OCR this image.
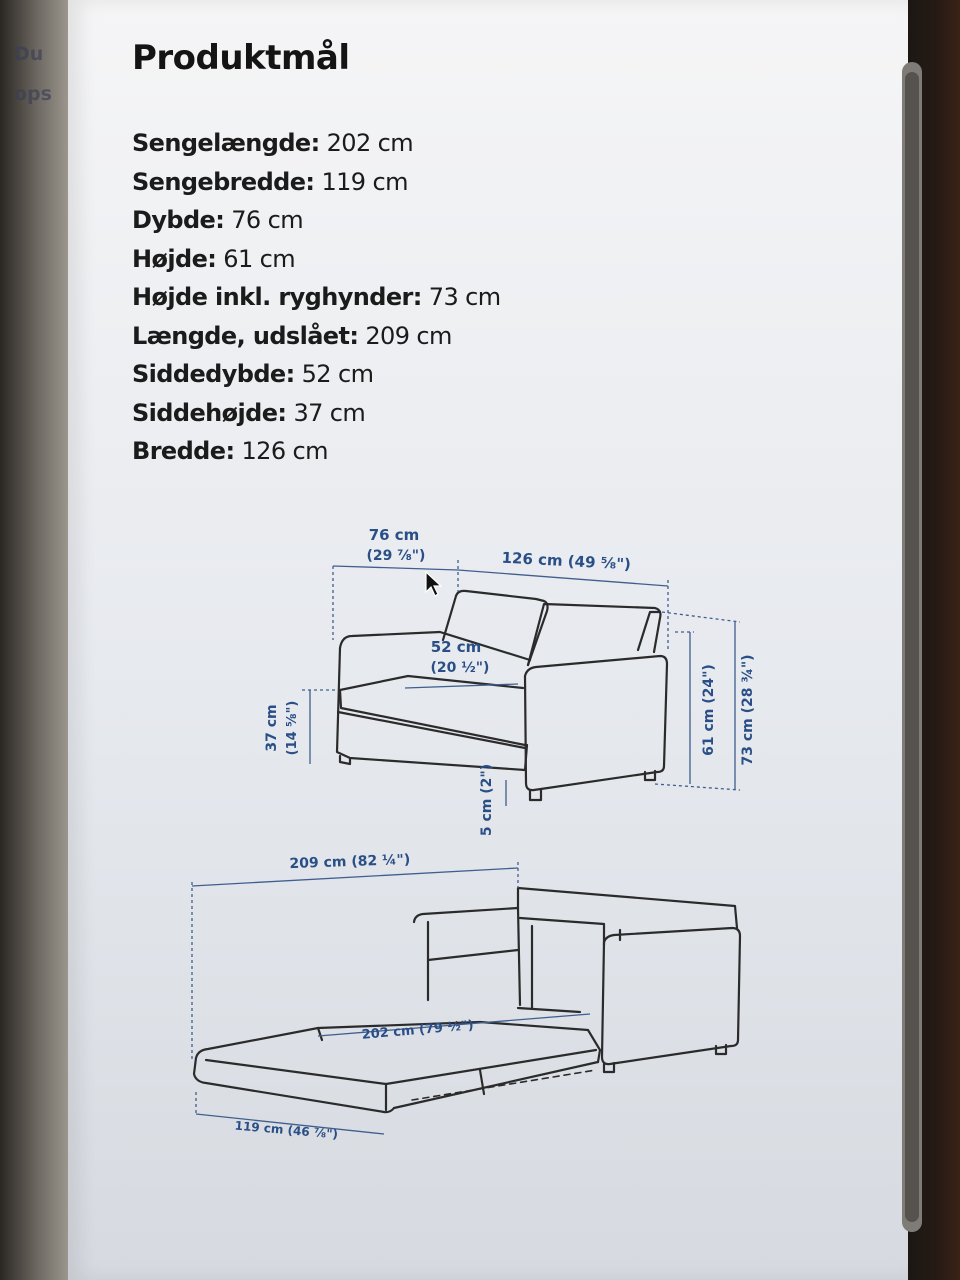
Du
ops
Produktmål
Sengelængde: 202 cm
Sengebredde: 119 cm
Dybde: 76 cm
Højde: 61 cm
Højde inkl. ryghynder: 73 cm
Længde, udslået: 209 cm
Siddedybde: 52 cm
Siddehøjde: 37 cm
Bredde: 126 cm
76 cm
(29 ⅞")	126 cm (49 ⅝")
52 cm
(20 ½")
37 cm (14 ⅝")	61 cm (24") 73 cm (28 ¾")
5 cm (2")
209 cm (82 ¼")
202 cm (79 ½")
119 cm (46 ⅞")
